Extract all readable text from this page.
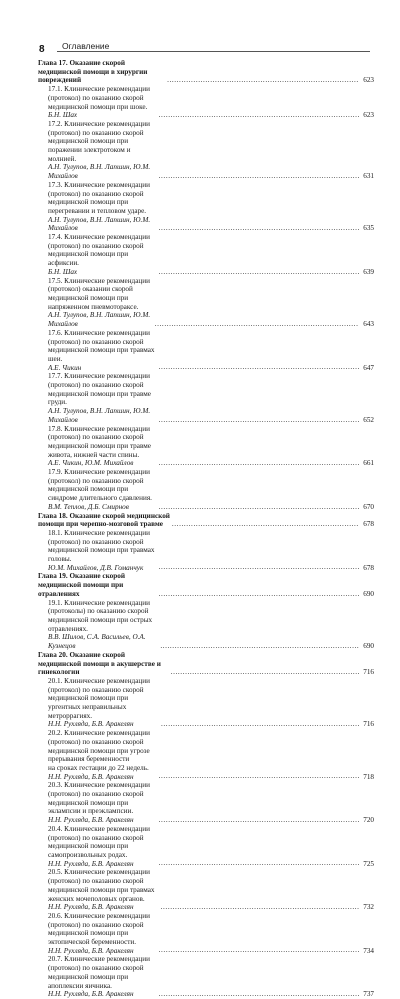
8 Оглавление
Глава 17. Оказание скорой медицинской помощи в хирургии повреждений .....	623
17.1. Клинические рекомендации (протокол) по оказанию скорой
медицинской помощи при шоке.
Б.Н. Шах .....	623
17.2. Клинические рекомендации (протокол) по оказанию скорой
медицинской помощи при поражении электротоком и молнией.
А.Н. Тулупов, В.Н. Лапшин, Ю.М. Михайлов .....	631
17.3. Клинические рекомендации (протокол) по оказанию скорой
медицинской помощи при перегревании и тепловом ударе.
А.Н. Тулупов, В.Н. Лапшин, Ю.М. Михайлов .....	635
17.4. Клинические рекомендации (протокол) по оказанию скорой
медицинской помощи при асфиксии.
Б.Н. Шах .....	639
17.5. Клинические рекомендации (протокол) оказании скорой
медицинской помощи при напряженном пневмотораксе.
А.Н. Тулупов, В.Н. Лапшин, Ю.М. Михайлов .....	643
17.6. Клинические рекомендации (протокол) по оказанию скорой
медицинской помощи при травмах шеи.
А.Е. Чикин .....	647
17.7. Клинические рекомендации (протокол) по оказанию скорой
медицинской помощи при травме груди.
А.Н. Тулупов, В.Н. Лапшин, Ю.М. Михайлов .....	652
17.8. Клинические рекомендации (протокол) по оказанию скорой
медицинской помощи при травме живота, нижней части спины.
А.Е. Чикин, Ю.М. Михайлов .....	661
17.9. Клинические рекомендации (протокол) по оказанию скорой
медицинской помощи при синдроме длительного сдавления.
В.М. Теплов, Д.Б. Смирнов .....	670
Глава 18. Оказание скорой медицинской помощи при черепно-мозговой травме .....	678
18.1. Клинические рекомендации (протокол) по оказанию скорой
медицинской помощи при травмах головы.
Ю.М. Михайлов, Д.В. Гоманчук .....	678
Глава 19. Оказание скорой медицинской помощи при отравлениях .....	690
19.1. Клинические рекомендации (протоколы) по оказанию скорой
медицинской помощи при острых отравлениях.
В.В. Шилов, С.А. Васильев, О.А. Кузнецов .....	690
Глава 20. Оказание скорой медицинской помощи в акушерстве и гинекологии .....	716
20.1. Клинические рекомендации (протокол) по оказанию скорой
медицинской помощи при ургентных неправильных метроррагиях.
Н.Н. Рухляда, Б.В. Аракелян .....	716
20.2. Клинические рекомендации (протокол) по оказанию скорой
медицинской помощи при угрозе прерывания беременности
на сроках гестации до 22 недель.
Н.Н. Рухляда, Б.В. Аракелян .....	718
20.3. Клинические рекомендации (протокол) по оказанию скорой
медицинской помощи при эклампсии и преэклампсии.
Н.Н. Рухляда, Б.В. Аракелян .....	720
20.4. Клинические рекомендации (протокол) по оказанию скорой
медицинской помощи при самопроизвольных родах.
Н.Н. Рухляда, Б.В. Аракелян .....	725
20.5. Клинические рекомендации (протокол) по оказанию скорой
медицинской помощи при травмах женских мочеполовых органов.
Н.Н. Рухляда, Б.В. Аракелян .....	732
20.6. Клинические рекомендации (протокол) по оказанию скорой
медицинской помощи при эктопической беременности.
Н.Н. Рухляда, Б.В. Аракелян .....	734
20.7. Клинические рекомендации (протокол) по оказанию скорой
медицинской помощи при апоплексии яичника.
Н.Н. Рухляда, Б.В. Аракелян .....	737
